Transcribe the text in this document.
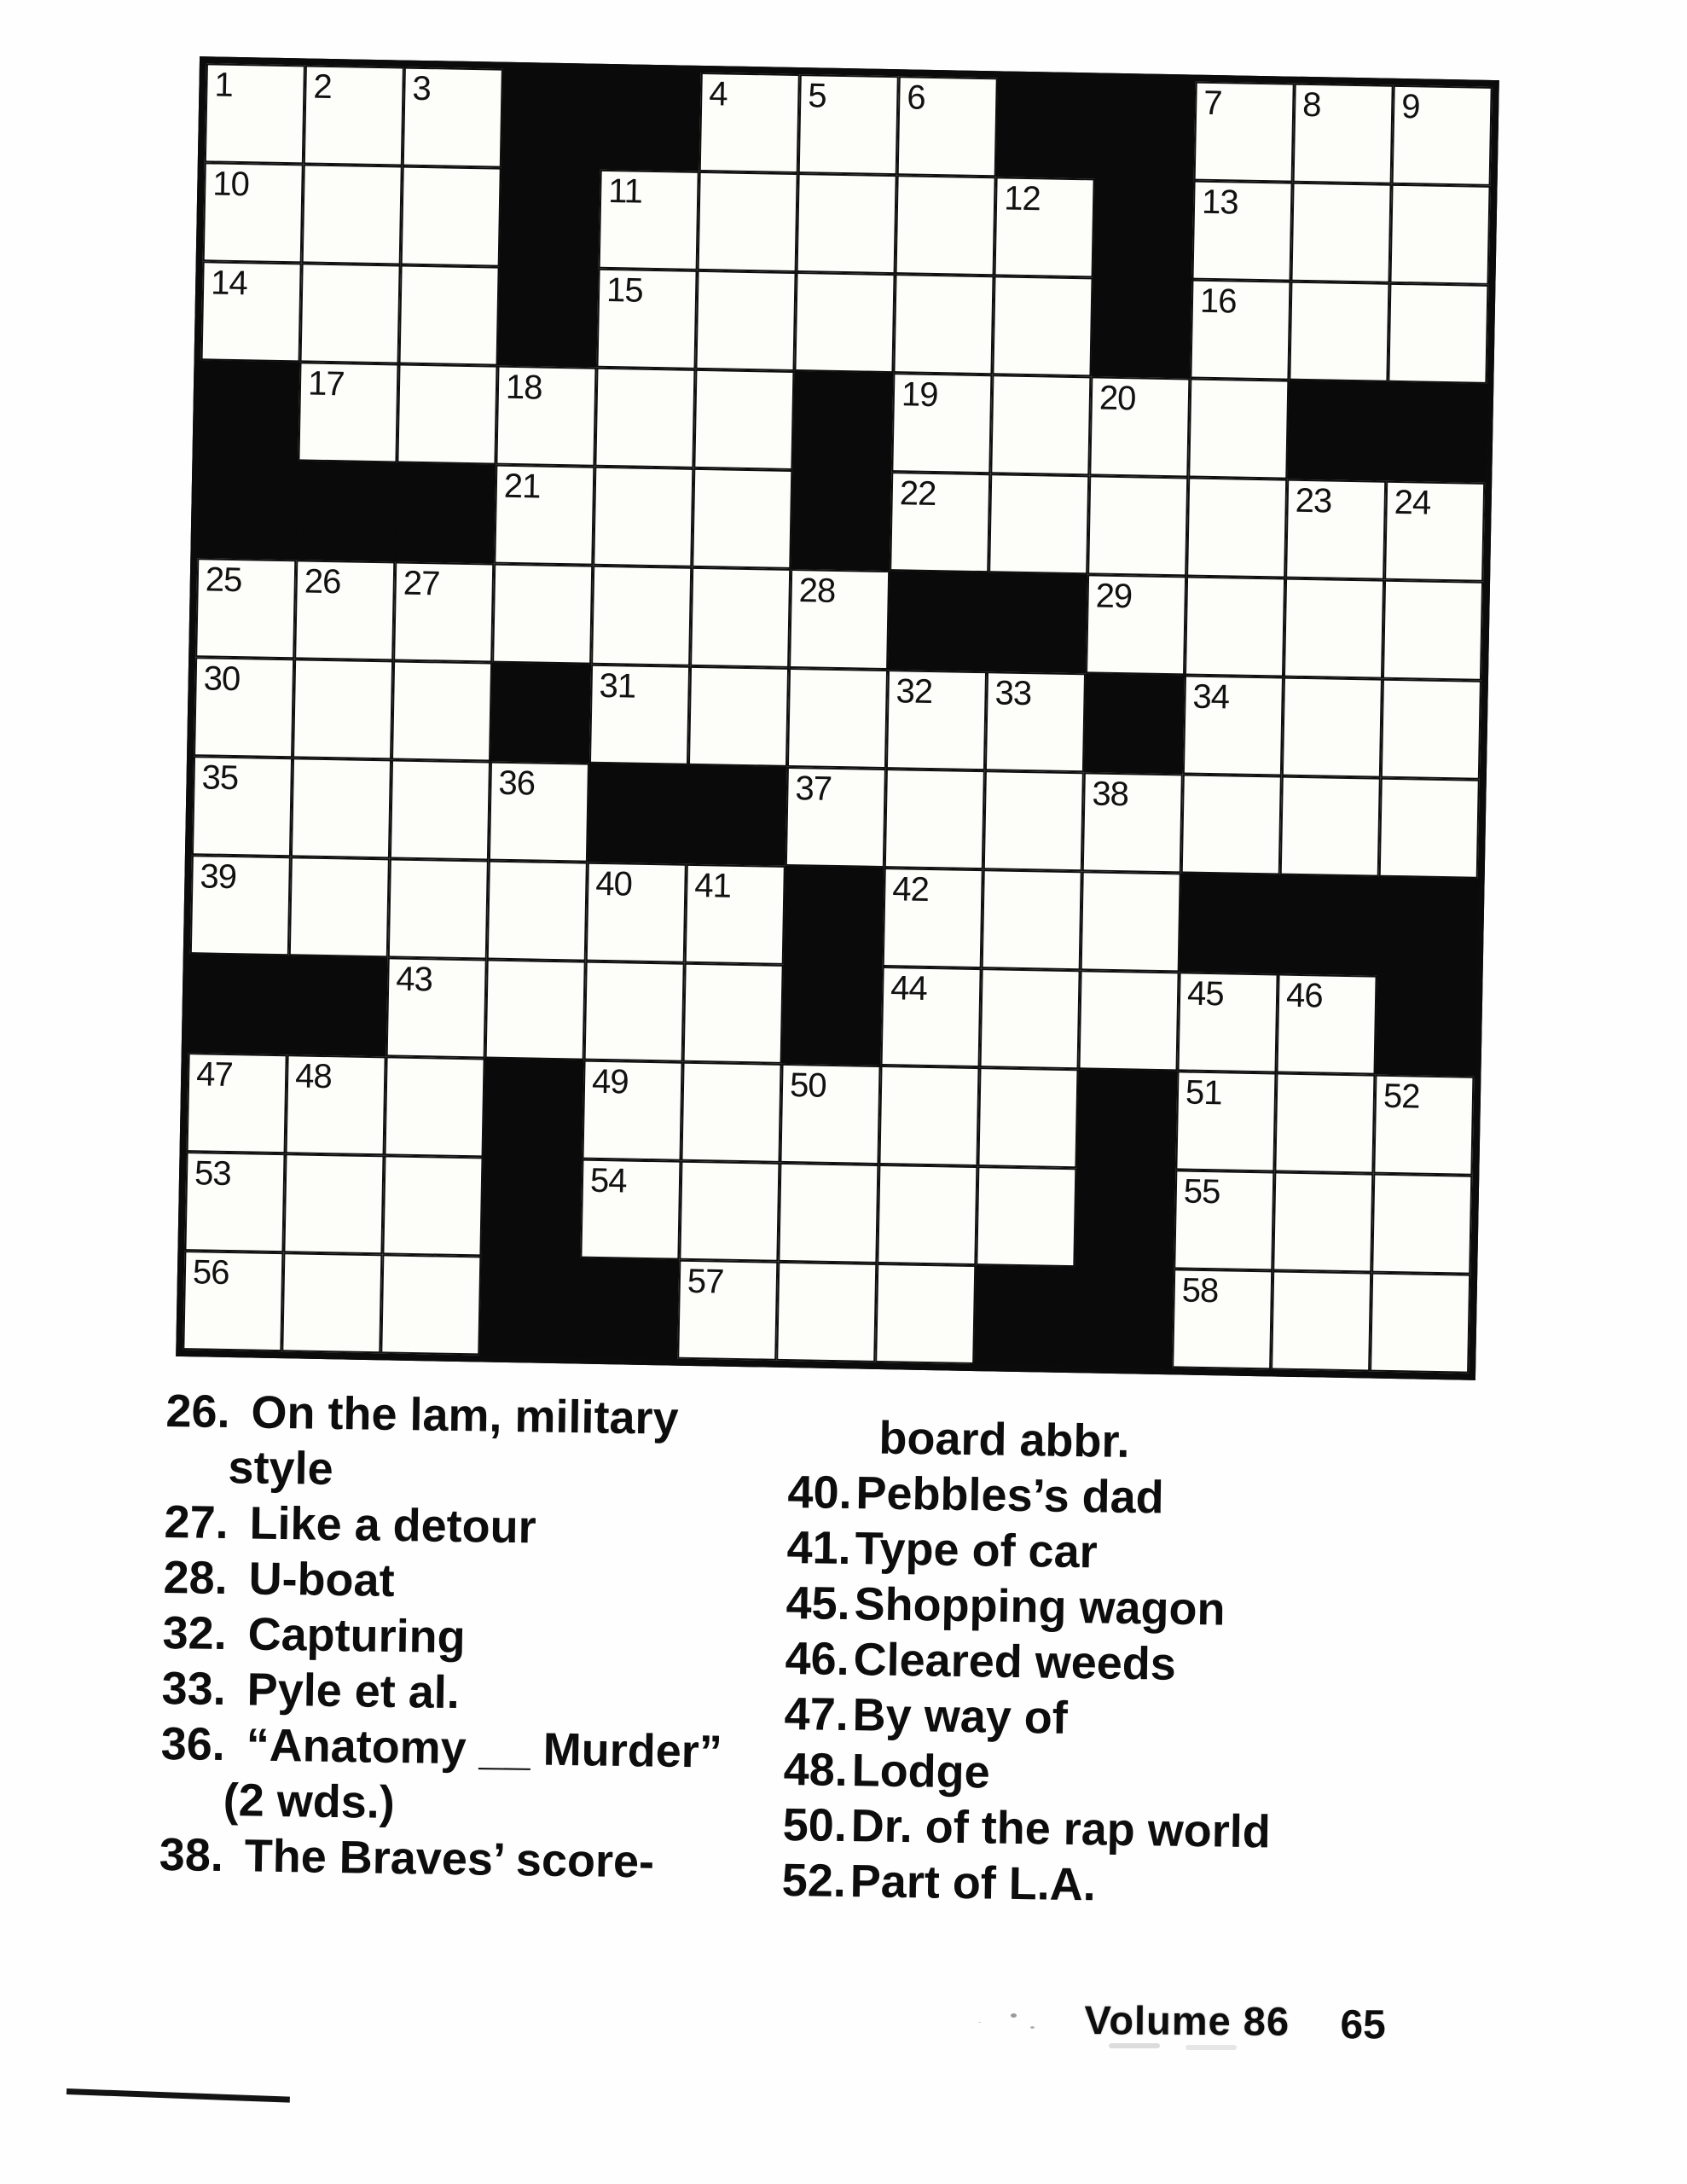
1 2 3	4 5 6	7 8 9
10	11	12	13
14	15	16
17	18	19	20
21	22	23 24
25 26 27	28	29
30	31	32 33	34
35	36	37	38
39	40 41	42
43	44	45 46
47 48	49	50	51	52
53	54	55
56	57	58
26. On the lam, military
style
27. Like a detour
28. U-boat
32. Capturing
33. Pyle et al.
36. “Anatomy __ Murder”
(2 wds.)
38. The Braves’ score-
board abbr.
40. Pebbles’s dad
41. Type of car
45. Shopping wagon
46. Cleared weeds
47. By way of
48. Lodge
50. Dr. of the rap world
52. Part of L.A.
Volume 86 65
